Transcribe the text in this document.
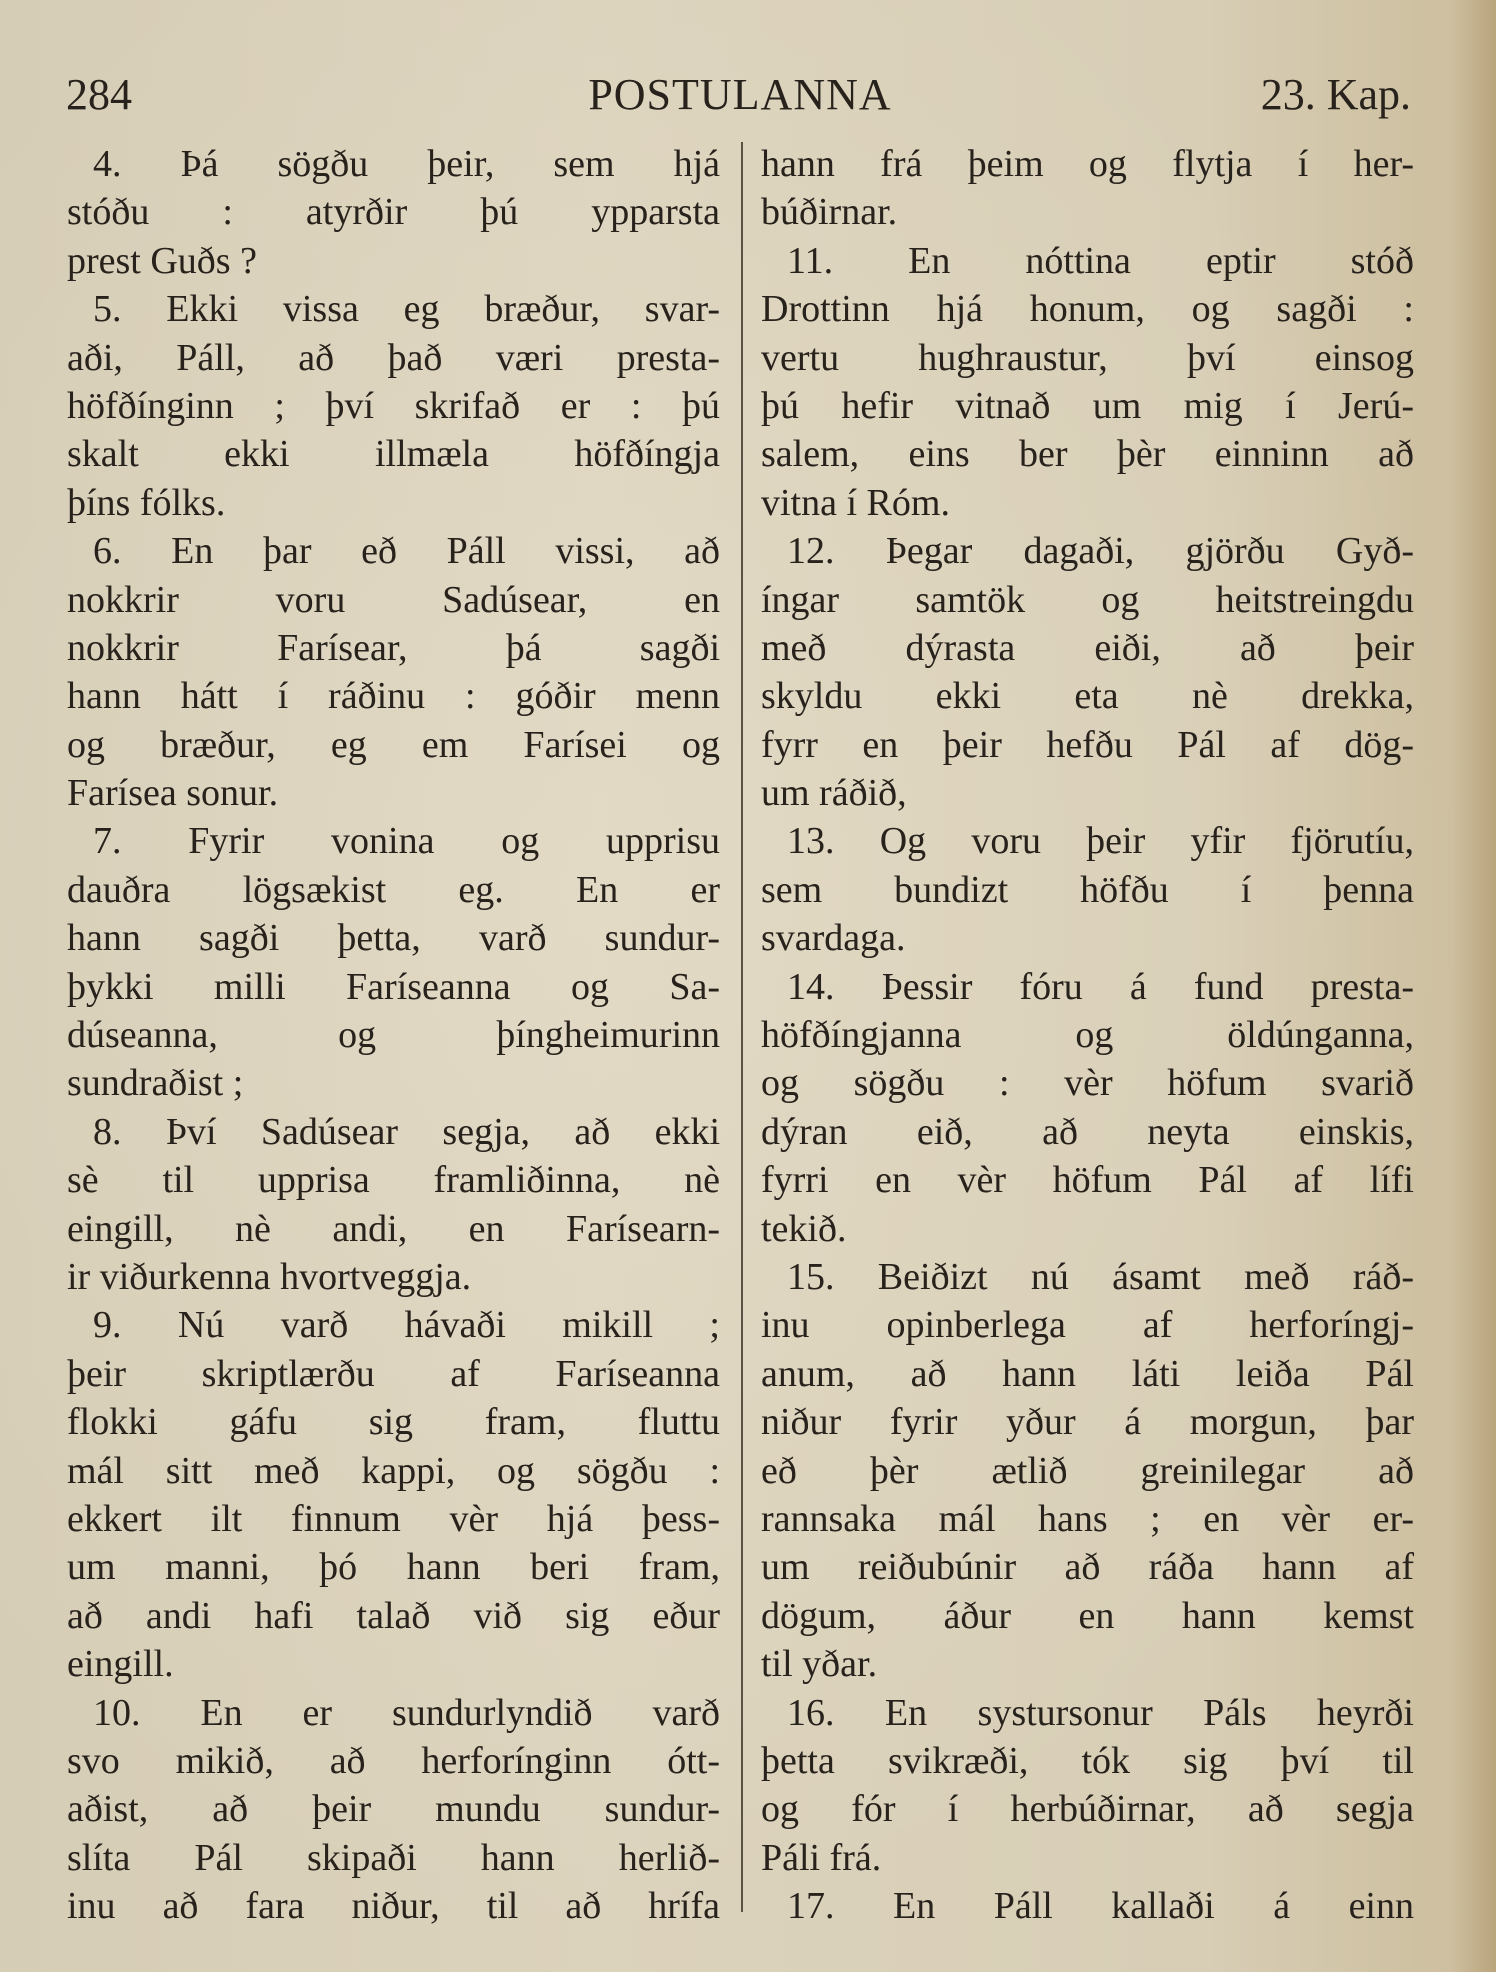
284	POSTULANNA	23. Kap.
4. Þá sögðu þeir, sem hjá
stóðu : atyrðir þú ypparsta
prest Guðs ?
5. Ekki vissa eg bræður, svar-
aði, Páll, að það væri presta-
höfðínginn ; því skrifað er : þú
skalt ekki illmæla höfðíngja
þíns fólks.
6. En þar eð Páll vissi, að
nokkrir voru Sadúsear, en
nokkrir Farísear, þá sagði
hann hátt í ráðinu : góðir menn
og bræður, eg em Farísei og
Farísea sonur.
7. Fyrir vonina og upprisu
dauðra lögsækist eg. En er
hann sagði þetta, varð sundur-
þykki milli Faríseanna og Sa-
dúseanna, og þíngheimurinn
sundraðist ;
8. Því Sadúsear segja, að ekki
sè til upprisa framliðinna, nè
eingill, nè andi, en Farísearn-
ir viðurkenna hvortveggja.
9. Nú varð hávaði mikill ;
þeir skriptlærðu af Faríseanna
flokki gáfu sig fram, fluttu
mál sitt með kappi, og sögðu :
ekkert ilt finnum vèr hjá þess-
um manni, þó hann beri fram,
að andi hafi talað við sig eður
eingill.
10. En er sundurlyndið varð
svo mikið, að herforínginn ótt-
aðist, að þeir mundu sundur-
slíta Pál skipaði hann herlið-
inu að fara niður, til að hrífa
hann frá þeim og flytja í her-
búðirnar.
11. En nóttina eptir stóð
Drottinn hjá honum, og sagði :
vertu hughraustur, því einsog
þú hefir vitnað um mig í Jerú-
salem, eins ber þèr einninn að
vitna í Róm.
12. Þegar dagaði, gjörðu Gyð-
íngar samtök og heitstreingdu
með dýrasta eiði, að þeir
skyldu ekki eta nè drekka,
fyrr en þeir hefðu Pál af dög-
um ráðið,
13. Og voru þeir yfir fjörutíu,
sem bundizt höfðu í þenna
svardaga.
14. Þessir fóru á fund presta-
höfðíngjanna og öldúnganna,
og sögðu : vèr höfum svarið
dýran eið, að neyta einskis,
fyrri en vèr höfum Pál af lífi
tekið.
15. Beiðizt nú ásamt með ráð-
inu opinberlega af herforíngj-
anum, að hann láti leiða Pál
niður fyrir yður á morgun, þar
eð þèr ætlið greinilegar að
rannsaka mál hans ; en vèr er-
um reiðubúnir að ráða hann af
dögum, áður en hann kemst
til yðar.
16. En systursonur Páls heyrði
þetta svikræði, tók sig því til
og fór í herbúðirnar, að segja
Páli frá.
17. En Páll kallaði á einn
